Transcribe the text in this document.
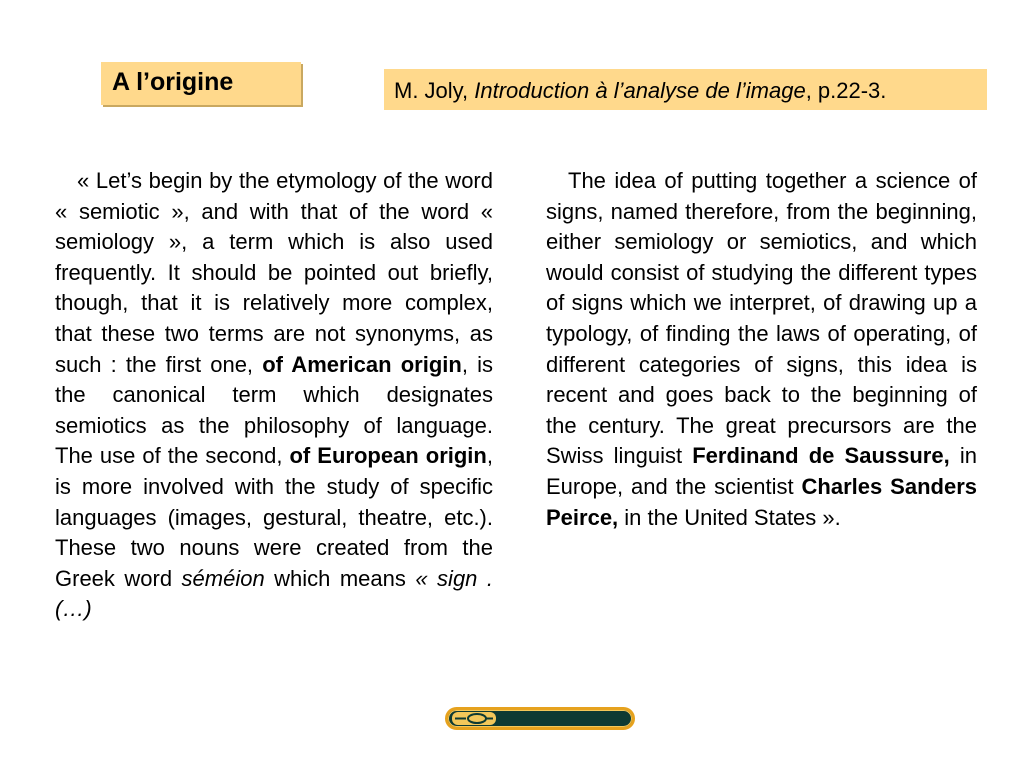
A l’origine	M. Joly, Introduction à l’analyse de l’image, p.22-3.

« Let’s begin by the etymology of the word « semiotic », and with that of the word « semiology », a term which is also used frequently. It should be pointed out briefly, though, that it is relatively more complex, that these two terms are not synonyms, as such : the first one, of American origin, is the canonical term which designates semiotics as the philosophy of language. The use of the second, of European origin, is more involved with the study of specific languages (images, gestural, theatre, etc.). These two nouns were created from the Greek word séméion which means « sign . (…)

The idea of putting together a science of signs, named therefore, from the beginning, either semiology or semiotics, and which would consist of studying the different types of signs which we interpret, of drawing up a typology, of finding the laws of operating, of different categories of signs, this idea is recent and goes back to the beginning of the century. The great precursors are the Swiss linguist Ferdinand de Saussure, in Europe, and the scientist Charles Sanders Peirce, in the United States ».
